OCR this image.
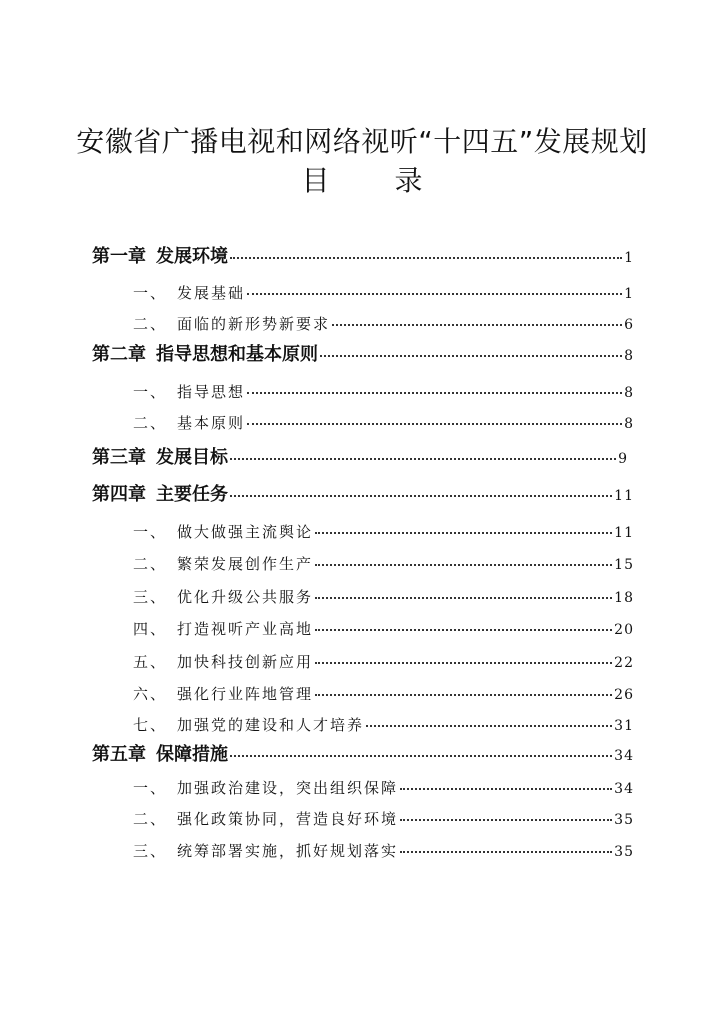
安徽省广播电视和网络视听“十四五”发展规划
目 录
第一章 发展环境	1
一、 发展基础	1
二、 面临的新形势新要求	6
第二章 指导思想和基本原则	8
一、 指导思想	8
二、 基本原则	8
第三章 发展目标	9
第四章 主要任务	11
一、 做大做强主流舆论	11
二、 繁荣发展创作生产	15
三、 优化升级公共服务	18
四、 打造视听产业高地	20
五、 加快科技创新应用	22
六、 强化行业阵地管理	26
七、 加强党的建设和人才培养	31
第五章 保障措施	34
一、 加强政治建设，突出组织保障	34
二、 强化政策协同，营造良好环境	35
三、 统筹部署实施，抓好规划落实	35
